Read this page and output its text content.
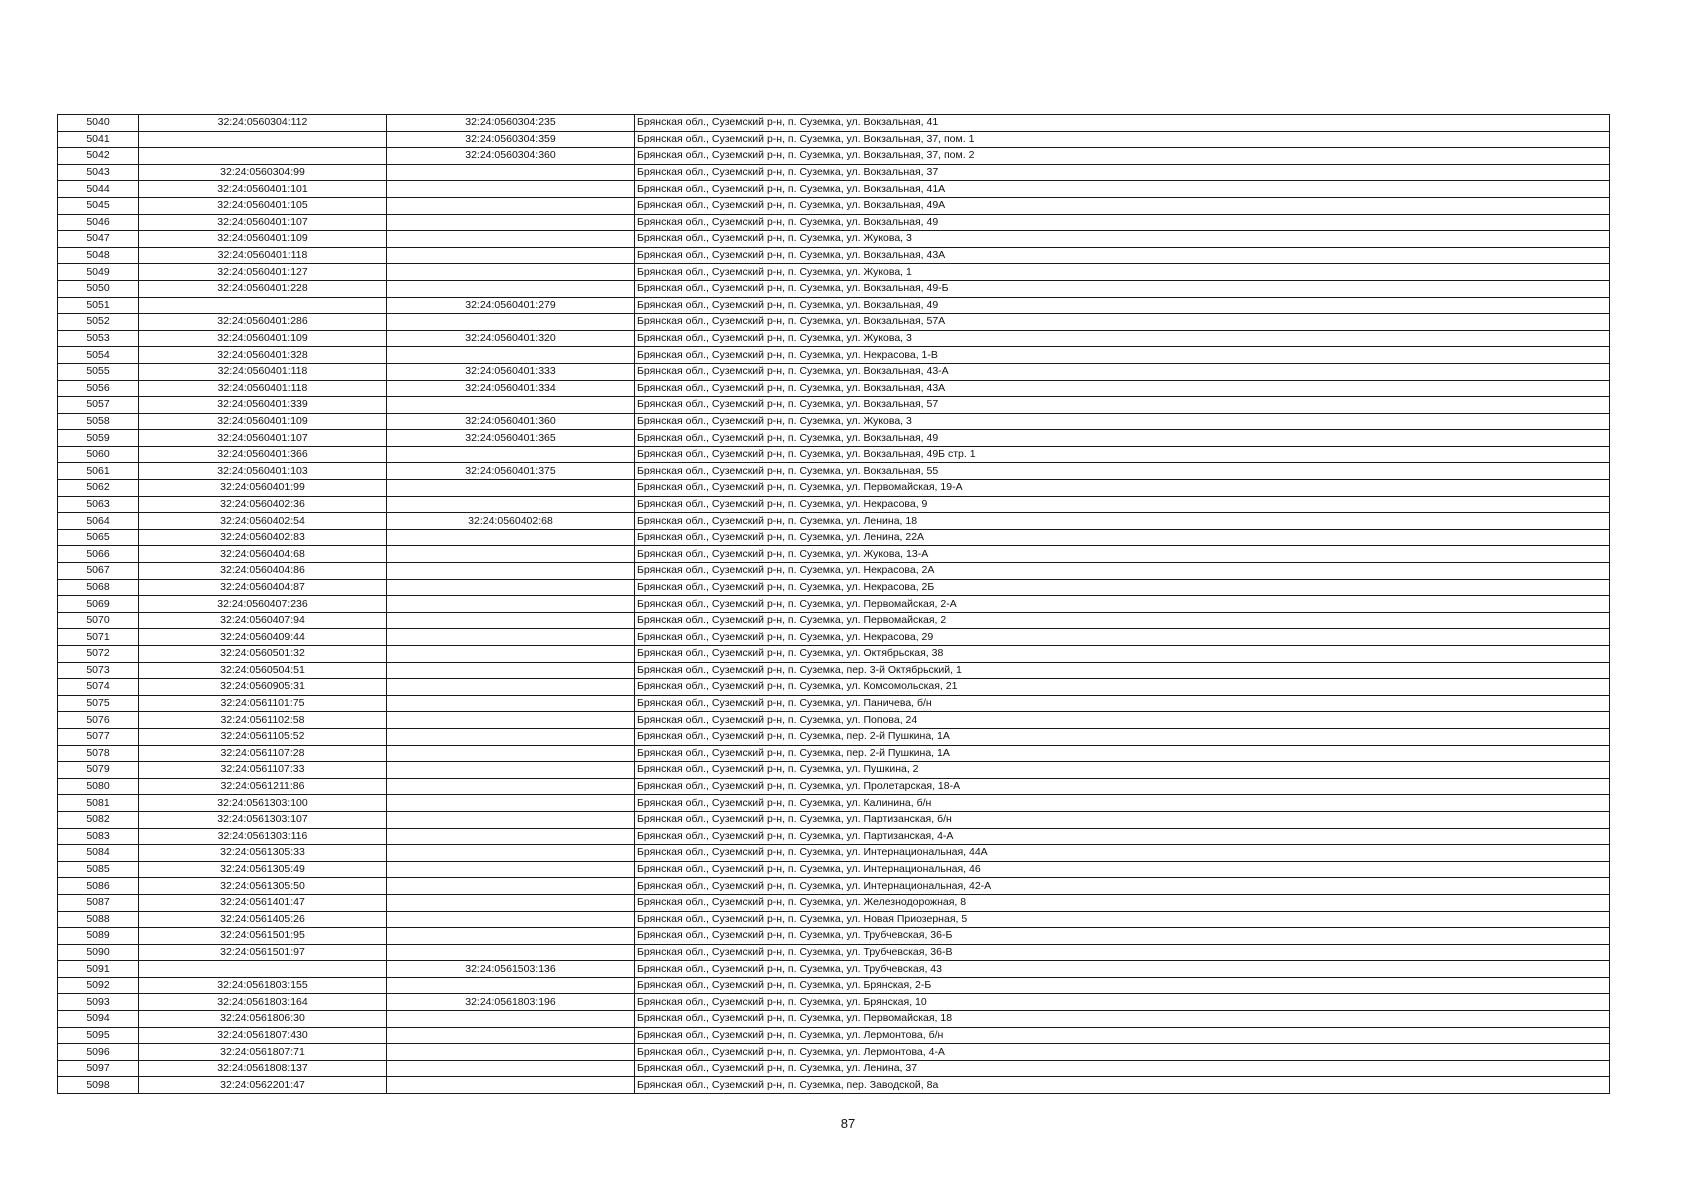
5040	32:24:0560304:112	32:24:0560304:235	Брянская обл., Суземский р-н, п. Суземка, ул. Вокзальная, 41
5041		32:24:0560304:359	Брянская обл., Суземский р-н, п. Суземка, ул. Вокзальная, 37, пом. 1
5042		32:24:0560304:360	Брянская обл., Суземский р-н, п. Суземка, ул. Вокзальная, 37, пом. 2
5043	32:24:0560304:99		Брянская обл., Суземский р-н, п. Суземка, ул. Вокзальная, 37
5044	32:24:0560401:101		Брянская обл., Суземский р-н, п. Суземка, ул. Вокзальная, 41А
5045	32:24:0560401:105		Брянская обл., Суземский р-н, п. Суземка, ул. Вокзальная, 49А
5046	32:24:0560401:107		Брянская обл., Суземский р-н, п. Суземка, ул. Вокзальная, 49
5047	32:24:0560401:109		Брянская обл., Суземский р-н, п. Суземка, ул. Жукова, 3
5048	32:24:0560401:118		Брянская обл., Суземский р-н, п. Суземка, ул. Вокзальная, 43А
5049	32:24:0560401:127		Брянская обл., Суземский р-н, п. Суземка, ул. Жукова, 1
5050	32:24:0560401:228		Брянская обл., Суземский р-н, п. Суземка, ул. Вокзальная, 49-Б
5051		32:24:0560401:279	Брянская обл., Суземский р-н, п. Суземка, ул. Вокзальная, 49
5052	32:24:0560401:286		Брянская обл., Суземский р-н, п. Суземка, ул. Вокзальная, 57А
5053	32:24:0560401:109	32:24:0560401:320	Брянская обл., Суземский р-н, п. Суземка, ул. Жукова, 3
5054	32:24:0560401:328		Брянская обл., Суземский р-н, п. Суземка, ул. Некрасова, 1-В
5055	32:24:0560401:118	32:24:0560401:333	Брянская обл., Суземский р-н, п. Суземка, ул. Вокзальная, 43-А
5056	32:24:0560401:118	32:24:0560401:334	Брянская обл., Суземский р-н, п. Суземка, ул. Вокзальная, 43А
5057	32:24:0560401:339		Брянская обл., Суземский р-н, п. Суземка, ул. Вокзальная, 57
5058	32:24:0560401:109	32:24:0560401:360	Брянская обл., Суземский р-н, п. Суземка, ул. Жукова, 3
5059	32:24:0560401:107	32:24:0560401:365	Брянская обл., Суземский р-н, п. Суземка, ул. Вокзальная, 49
5060	32:24:0560401:366		Брянская обл., Суземский р-н, п. Суземка, ул. Вокзальная, 49Б стр. 1
5061	32:24:0560401:103	32:24:0560401:375	Брянская обл., Суземский р-н, п. Суземка, ул. Вокзальная, 55
5062	32:24:0560401:99		Брянская обл., Суземский р-н, п. Суземка, ул. Первомайская, 19-А
5063	32:24:0560402:36		Брянская обл., Суземский р-н, п. Суземка, ул. Некрасова, 9
5064	32:24:0560402:54	32:24:0560402:68	Брянская обл., Суземский р-н, п. Суземка, ул. Ленина, 18
5065	32:24:0560402:83		Брянская обл., Суземский р-н, п. Суземка, ул. Ленина, 22А
5066	32:24:0560404:68		Брянская обл., Суземский р-н, п. Суземка, ул. Жукова, 13-А
5067	32:24:0560404:86		Брянская обл., Суземский р-н, п. Суземка, ул. Некрасова, 2А
5068	32:24:0560404:87		Брянская обл., Суземский р-н, п. Суземка, ул. Некрасова, 2Б
5069	32:24:0560407:236		Брянская обл., Суземский р-н, п. Суземка, ул. Первомайская, 2-А
5070	32:24:0560407:94		Брянская обл., Суземский р-н, п. Суземка, ул. Первомайская, 2
5071	32:24:0560409:44		Брянская обл., Суземский р-н, п. Суземка, ул. Некрасова, 29
5072	32:24:0560501:32		Брянская обл., Суземский р-н, п. Суземка, ул. Октябрьская, 38
5073	32:24:0560504:51		Брянская обл., Суземский р-н, п. Суземка, пер. 3-й Октябрьский, 1
5074	32:24:0560905:31		Брянская обл., Суземский р-н, п. Суземка, ул. Комсомольская, 21
5075	32:24:0561101:75		Брянская обл., Суземский р-н, п. Суземка, ул. Паничева, б/н
5076	32:24:0561102:58		Брянская обл., Суземский р-н, п. Суземка, ул. Попова, 24
5077	32:24:0561105:52		Брянская обл., Суземский р-н, п. Суземка, пер. 2-й Пушкина, 1А
5078	32:24:0561107:28		Брянская обл., Суземский р-н, п. Суземка, пер. 2-й Пушкина, 1А
5079	32:24:0561107:33		Брянская обл., Суземский р-н, п. Суземка, ул. Пушкина, 2
5080	32:24:0561211:86		Брянская обл., Суземский р-н, п. Суземка, ул. Пролетарская, 18-А
5081	32:24:0561303:100		Брянская обл., Суземский р-н, п. Суземка, ул. Калинина, б/н
5082	32:24:0561303:107		Брянская обл., Суземский р-н, п. Суземка, ул. Партизанская, б/н
5083	32:24:0561303:116		Брянская обл., Суземский р-н, п. Суземка, ул. Партизанская, 4-А
5084	32:24:0561305:33		Брянская обл., Суземский р-н, п. Суземка, ул. Интернациональная, 44А
5085	32:24:0561305:49		Брянская обл., Суземский р-н, п. Суземка, ул. Интернациональная, 46
5086	32:24:0561305:50		Брянская обл., Суземский р-н, п. Суземка, ул. Интернациональная, 42-А
5087	32:24:0561401:47		Брянская обл., Суземский р-н, п. Суземка, ул. Железнодорожная, 8
5088	32:24:0561405:26		Брянская обл., Суземский р-н, п. Суземка, ул. Новая Приозерная, 5
5089	32:24:0561501:95		Брянская обл., Суземский р-н, п. Суземка, ул. Трубчевская, 36-Б
5090	32:24:0561501:97		Брянская обл., Суземский р-н, п. Суземка, ул. Трубчевская, 36-В
5091		32:24:0561503:136	Брянская обл., Суземский р-н, п. Суземка, ул. Трубчевская, 43
5092	32:24:0561803:155		Брянская обл., Суземский р-н, п. Суземка, ул. Брянская, 2-Б
5093	32:24:0561803:164	32:24:0561803:196	Брянская обл., Суземский р-н, п. Суземка, ул. Брянская, 10
5094	32:24:0561806:30		Брянская обл., Суземский р-н, п. Суземка, ул. Первомайская, 18
5095	32:24:0561807:430		Брянская обл., Суземский р-н, п. Суземка, ул. Лермонтова, б/н
5096	32:24:0561807:71		Брянская обл., Суземский р-н, п. Суземка, ул. Лермонтова, 4-А
5097	32:24:0561808:137		Брянская обл., Суземский р-н, п. Суземка, ул. Ленина, 37
5098	32:24:0562201:47		Брянская обл., Суземский р-н, п. Суземка, пер. Заводской, 8а
87
